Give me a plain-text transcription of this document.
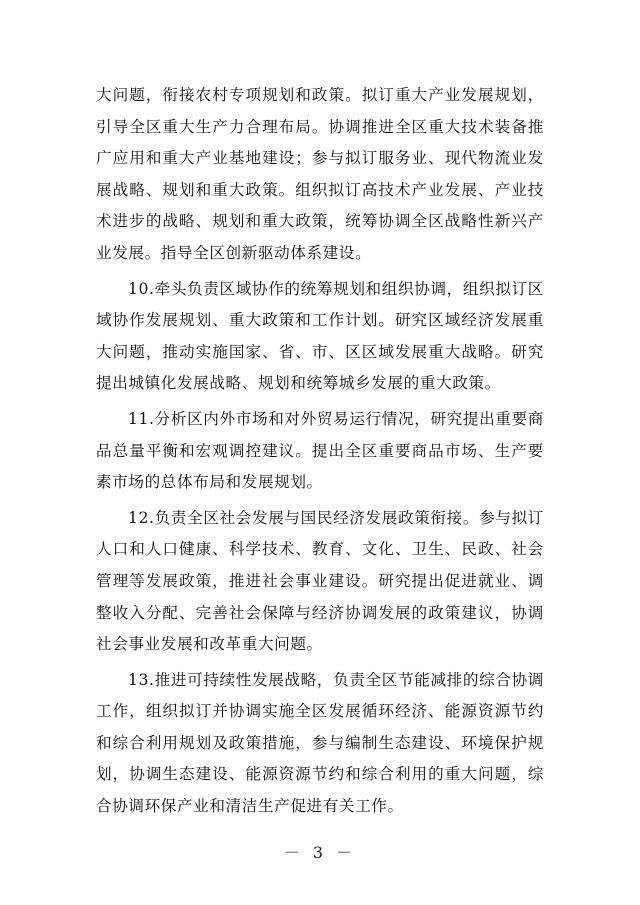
大问题，衔接农村专项规划和政策。拟订重大产业发展规划，引导全区重大生产力合理布局。协调推进全区重大技术装备推广应用和重大产业基地建设；参与拟订服务业、现代物流业发展战略、规划和重大政策。组织拟订高技术产业发展、产业技术进步的战略、规划和重大政策，统筹协调全区战略性新兴产业发展。指导全区创新驱动体系建设。

10.牵头负责区域协作的统筹规划和组织协调，组织拟订区域协作发展规划、重大政策和工作计划。研究区域经济发展重大问题，推动实施国家、省、市、区区域发展重大战略。研究提出城镇化发展战略、规划和统筹城乡发展的重大政策。

11.分析区内外市场和对外贸易运行情况，研究提出重要商品总量平衡和宏观调控建议。提出全区重要商品市场、生产要素市场的总体布局和发展规划。

12.负责全区社会发展与国民经济发展政策衔接。参与拟订人口和人口健康、科学技术、教育、文化、卫生、民政、社会管理等发展政策，推进社会事业建设。研究提出促进就业、调整收入分配、完善社会保障与经济协调发展的政策建议，协调社会事业发展和改革重大问题。

13.推进可持续性发展战略，负责全区节能减排的综合协调工作，组织拟订并协调实施全区发展循环经济、能源资源节约和综合利用规划及政策措施，参与编制生态建设、环境保护规划，协调生态建设、能源资源节约和综合利用的重大问题，综合协调环保产业和清洁生产促进有关工作。

－ 3 －
